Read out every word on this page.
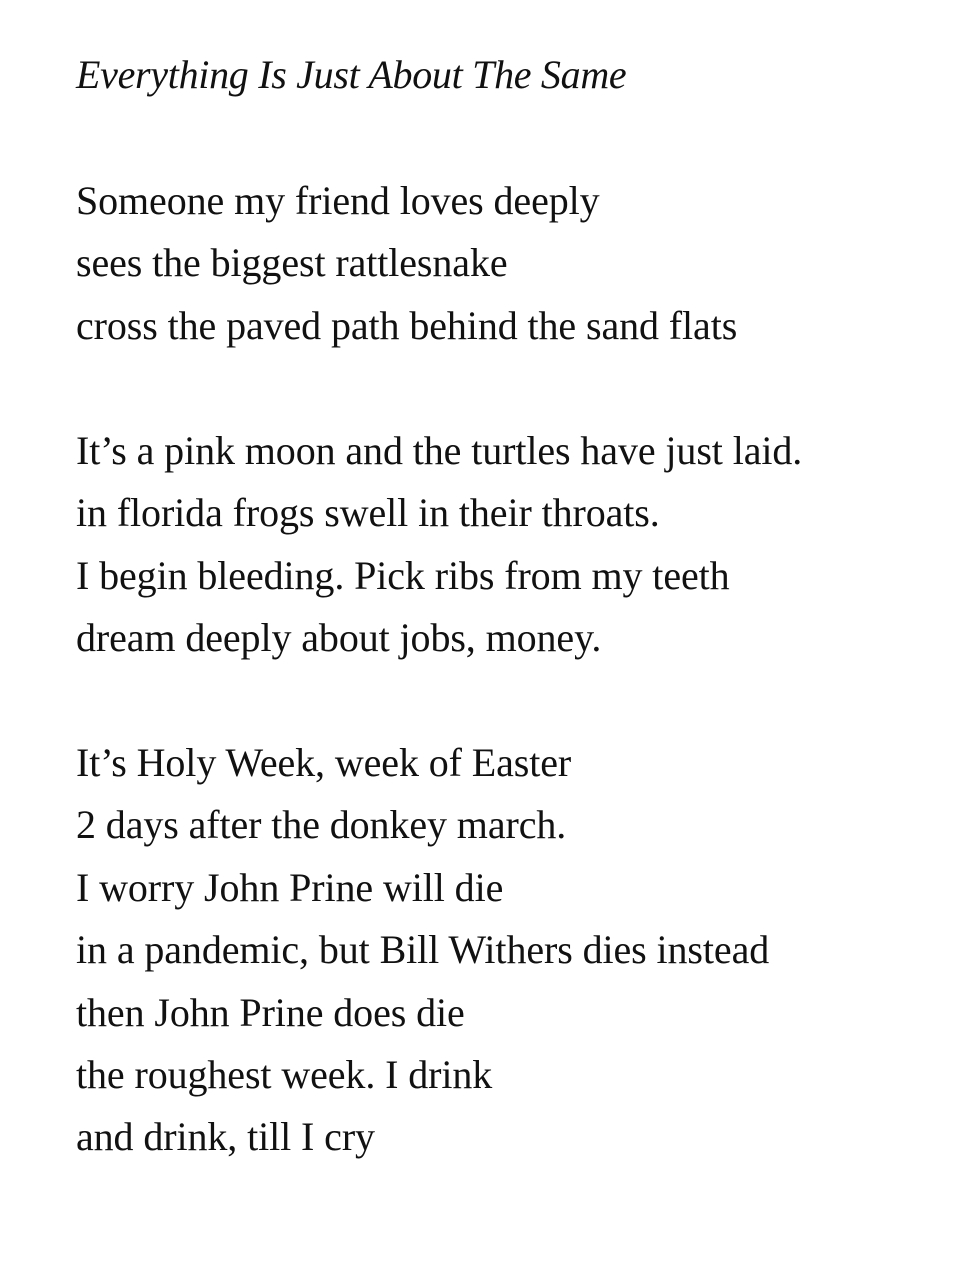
Everything Is Just About The Same
Someone my friend loves deeply
sees the biggest rattlesnake
cross the paved path behind the sand flats
It’s a pink moon and the turtles have just laid.
in florida frogs swell in their throats.
I begin bleeding. Pick ribs from my teeth
dream deeply about jobs, money.
It’s Holy Week, week of Easter
2 days after the donkey march.
I worry John Prine will die
in a pandemic, but Bill Withers dies instead
then John Prine does die
the roughest week. I drink
and drink, till I cry
